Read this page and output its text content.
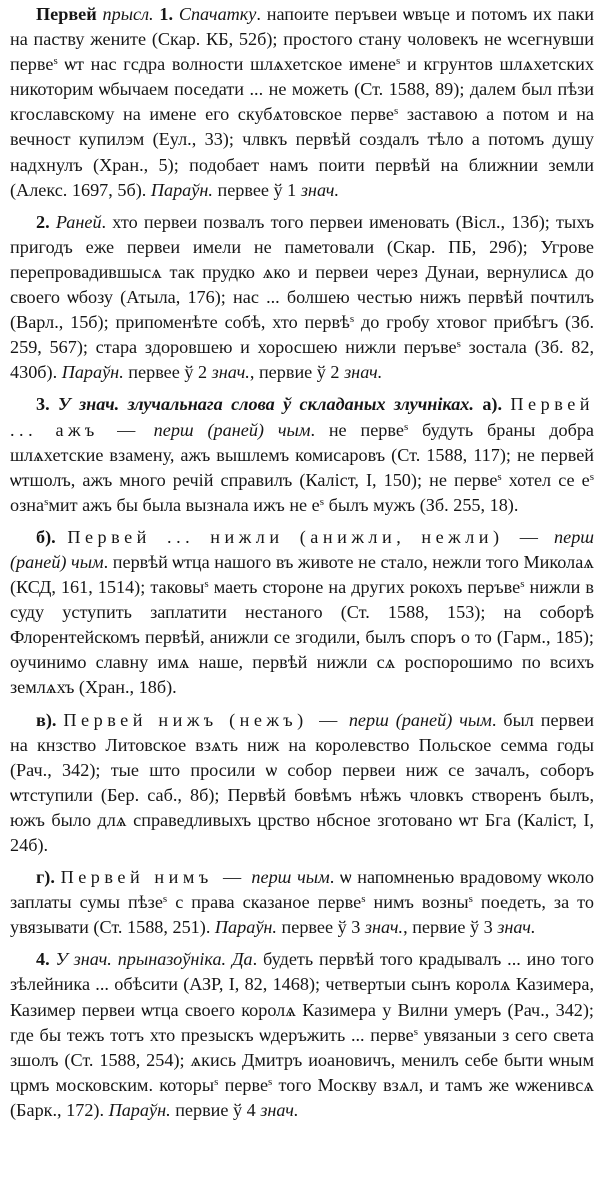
Первей прысл. 1. Спачатку. напоите перъвеи ѡвъце и потомъ их паки на паству жените (Скар. КБ, 52б); простого стану чоловекъ не ѡсегнувши перве$^s$ ѡт нас гсдра волности шлѧхетское имене$^s$ и кгрунтов шлѧхетских никоторим ѡбычаем поседати ... не можеть (Ст. 1588, 89); далем был пѣзи кгославскому на имене его скубѧтовское перве$^s$ заставою а потом и на вечност купилэм (Еул., 33); члвкъ первѣй создалъ тѣло а потомъ душу надхнулъ (Хран., 5); подобает намъ поити первѣй на ближнии земли (Алекс. 1697, 5б). Параўн. первее ў 1 знач.

2. Раней. хто первеи позвалъ того первеи именовать (Вісл., 13б); тыхъ пригодъ еже первеи имели не паметовали (Скар. ПБ, 29б); Угрове перепровадившысѧ так прудко ѧко и первеи через Дунаи, вернулисѧ до своего ѡбозу (Атыла, 176); нас ... болшею честью нижъ первѣй почтилъ (Варл., 15б); припоменѣте собѣ, хто первѣ$^s$ до гробу хтовог прибѣгъ (Зб. 259, 567); стара здоровшею и хоросшею нижли перъве$^s$ зостала (Зб. 82, 430б). Параўн. первее ў 2 знач., первие ў 2 знач.

3. У знач. злучальнага слова ў складаных злучніках. а). Первей ... ажъ — перш (раней) чым. не перве$^s$ будуть браны добра шлѧхетские взамену, ажъ вышлемъ комисаровъ (Ст. 1588, 117); не первей ѡтшолъ, ажъ много речій справилъ (Каліст, І, 150); не перве$^s$ хотел се $е^s$ озна$^s$мит ажъ бы была вызнала ижъ не $е^s$ былъ мужъ (Зб. 255, 18).

б). Первей ... нижли (анижли, нежли) — перш (раней) чым. первѣй ѡтца нашого въ животе не стало, нежли того Миколаѧ (КСД, 161, 1514); таковы$^s$ маеть стороне на других рокохъ перъве$^s$ нижли в суду уступить заплатити нестаного (Ст. 1588, 153); на соборѣ Флорентейскомъ первѣй, анижли се згодили, былъ споръ о то (Гарм., 185); оучинимо славну имѧ наше, первѣй нижли сѧ роспорошимо по всихъ землѧхъ (Хран., 18б).

в). Первей нижъ (нежъ) — перш (раней) чым. был первеи на кнзство Литовское взѧть ниж на королевство Польское семма годы (Рач., 342); тые што просили ѡ собор первеи ниж се зачалъ, соборъ ѡтступили (Бер. саб., 8б); Первѣй бовѣмъ нѣжъ чловкъ створенъ былъ, южъ было длѧ справедливыхъ црство нбсное зготовано ѡт Бга (Каліст, І, 24б).

г). Первей нимъ — перш чым. ѡ напомненью врадовому ѡколо заплаты сумы пѣзе$^s$ с права сказаное перве$^s$ нимъ возны$^s$ поедеть, за то увязывати (Ст. 1588, 251). Параўн. первее ў 3 знач., первие ў 3 знач.

4. У знач. прыназоўніка. Да. будеть первѣй того крадывалъ ... ино того зѣлейника ... обѣсити (АЗР, І, 82, 1468); четвертыи сынъ королѧ Казимера, Казимер первеи ѡтца своего королѧ Казимера у Вилни умеръ (Рач., 342); где бы тежъ тотъ хто презыскъ ѡдеръжить ... перве$^s$ увязаныи з сего света зшолъ (Ст. 1588, 254); ѧкись Дмитръ иоановичъ, менилъ себе быти ѡным црмъ московским. которы$^s$ перве$^s$ того Москву взѧл, и тамъ же ѡженивсѧ (Барк., 172). Параўн. первие ў 4 знач.
